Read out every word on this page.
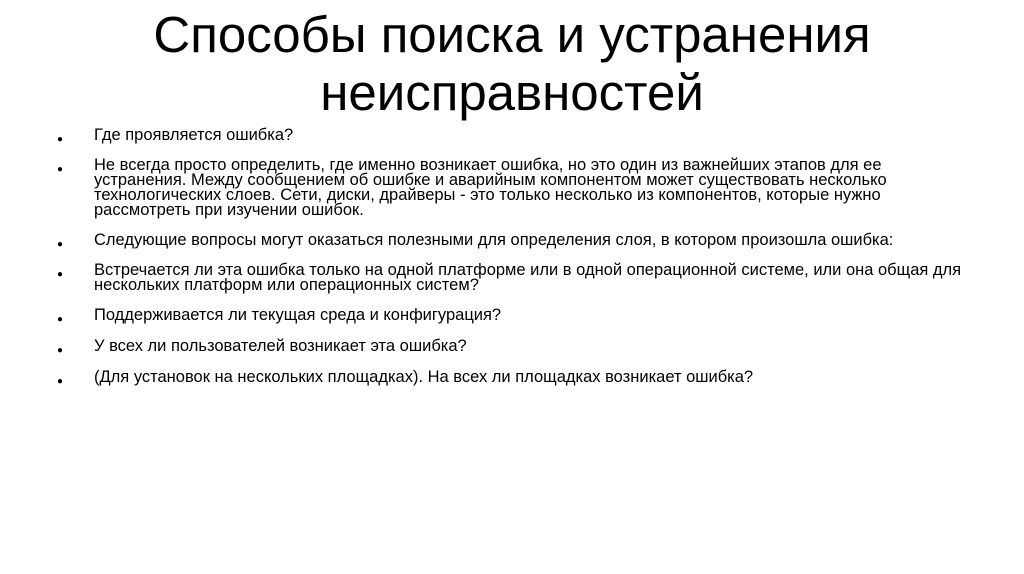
Способы поиска и устранения
неисправностей
● Где проявляется ошибка?
● Не всегда просто определить, где именно возникает ошибка, но это один из важнейших этапов для ее устранения. Между сообщением об ошибке и аварийным компонентом может существовать несколько технологических слоев. Сети, диски, драйверы - это только несколько из компонентов, которые нужно рассмотреть при изучении ошибок.
● Следующие вопросы могут оказаться полезными для определения слоя, в котором произошла ошибка:
● Встречается ли эта ошибка только на одной платформе или в одной операционной системе, или она общая для нескольких платформ или операционных систем?
● Поддерживается ли текущая среда и конфигурация?
● У всех ли пользователей возникает эта ошибка?
● (Для установок на нескольких площадках). На всех ли площадках возникает ошибка?
